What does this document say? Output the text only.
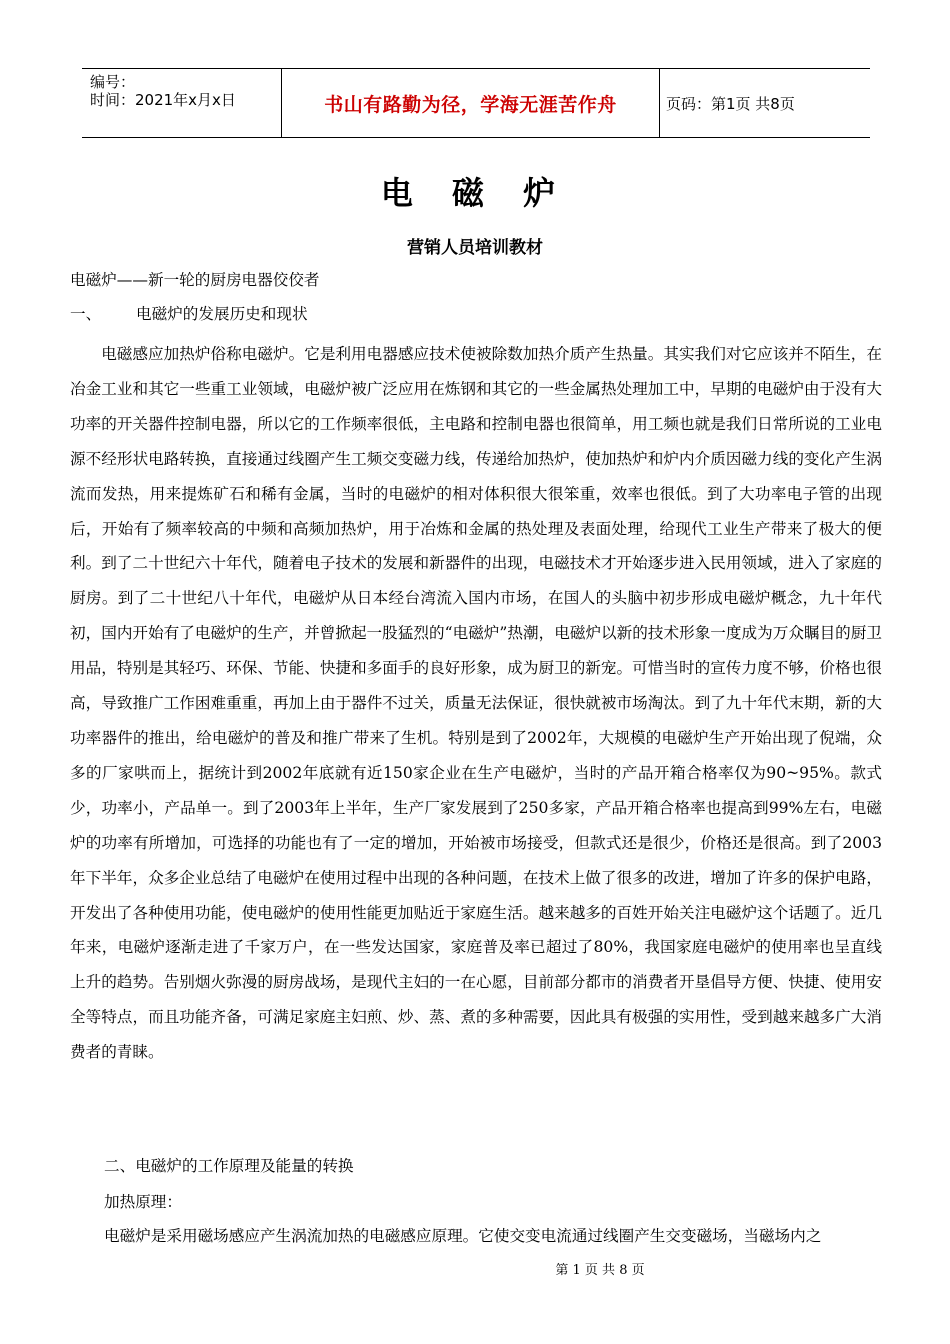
编号：
时间：2021年x月x日	书山有路勤为径，学海无涯苦作舟	页码：第1页 共8页
电 磁 炉
营销人员培训教材
电磁炉——新一轮的厨房电器佼佼者
一、 电磁炉的发展历史和现状
电磁感应加热炉俗称电磁炉。它是利用电器感应技术使被除数加热介质产生热量。其实我们对它应该并不陌生，在冶金工业和其它一些重工业领域，电磁炉被广泛应用在炼钢和其它的一些金属热处理加工中，早期的电磁炉由于没有大功率的开关器件控制电器，所以它的工作频率很低，主电路和控制电器也很简单，用工频也就是我们日常所说的工业电源不经形状电路转换，直接通过线圈产生工频交变磁力线，传递给加热炉，使加热炉和炉内介质因磁力线的变化产生涡流而发热，用来提炼矿石和稀有金属，当时的电磁炉的相对体积很大很笨重，效率也很低。到了大功率电子管的出现后，开始有了频率较高的中频和高频加热炉，用于冶炼和金属的热处理及表面处理，给现代工业生产带来了极大的便利。到了二十世纪六十年代，随着电子技术的发展和新器件的出现，电磁技术才开始逐步进入民用领域，进入了家庭的厨房。到了二十世纪八十年代，电磁炉从日本经台湾流入国内市场，在国人的头脑中初步形成电磁炉概念，九十年代初，国内开始有了电磁炉的生产，并曾掀起一股猛烈的“电磁炉”热潮，电磁炉以新的技术形象一度成为万众瞩目的厨卫用品，特别是其轻巧、环保、节能、快捷和多面手的良好形象，成为厨卫的新宠。可惜当时的宣传力度不够，价格也很高，导致推广工作困难重重，再加上由于器件不过关，质量无法保证，很快就被市场淘汰。到了九十年代末期，新的大功率器件的推出，给电磁炉的普及和推广带来了生机。特别是到了2002年，大规模的电磁炉生产开始出现了倪端，众多的厂家哄而上，据统计到2002年底就有近150家企业在生产电磁炉，当时的产品开箱合格率仅为90~95%。款式少，功率小，产品单一。到了2003年上半年，生产厂家发展到了250多家，产品开箱合格率也提高到99%左右，电磁炉的功率有所增加，可选择的功能也有了一定的增加，开始被市场接受，但款式还是很少，价格还是很高。到了2003年下半年，众多企业总结了电磁炉在使用过程中出现的各种问题，在技术上做了很多的改进，增加了许多的保护电路，开发出了各种使用功能，使电磁炉的使用性能更加贴近于家庭生活。越来越多的百姓开始关注电磁炉这个话题了。近几年来，电磁炉逐渐走进了千家万户，在一些发达国家，家庭普及率已超过了80%，我国家庭电磁炉的使用率也呈直线上升的趋势。告别烟火弥漫的厨房战场，是现代主妇的一在心愿，目前部分都市的消费者开垦倡导方便、快捷、使用安全等特点，而且功能齐备，可满足家庭主妇煎、炒、蒸、煮的多种需要，因此具有极强的实用性，受到越来越多广大消费者的青睐。
二、电磁炉的工作原理及能量的转换
加热原理：
电磁炉是采用磁场感应产生涡流加热的电磁感应原理。它使交变电流通过线圈产生交变磁场，当磁场内之
第 1 页 共 8 页
